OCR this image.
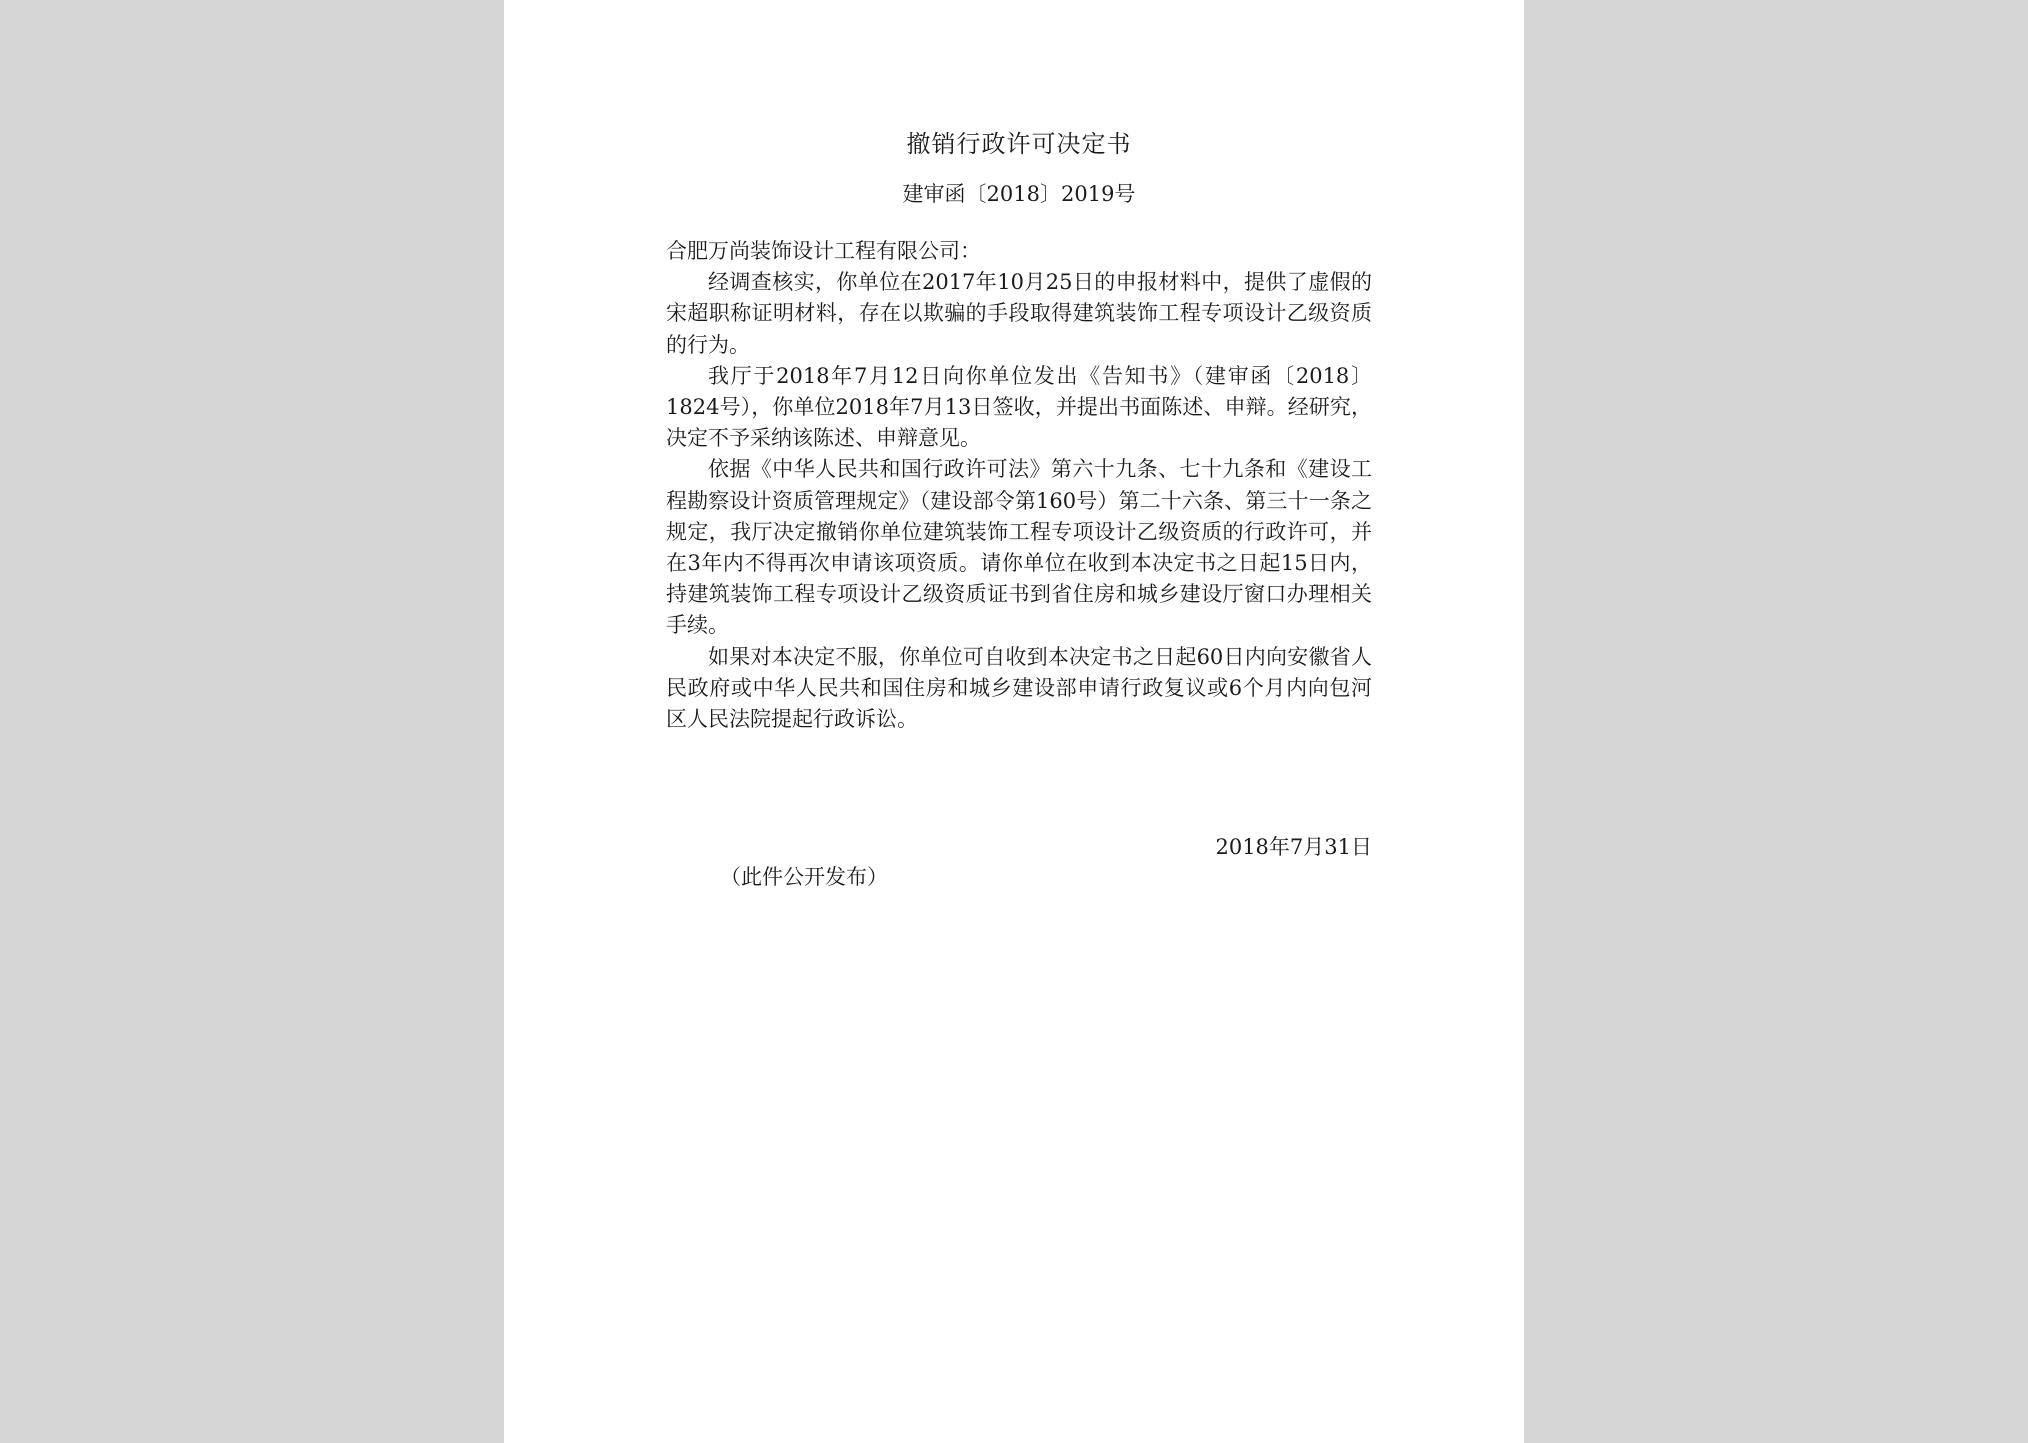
撤销行政许可决定书
建审函〔2018〕2019号

合肥万尚装饰设计工程有限公司：

经调查核实，你单位在2017年10月25日的申报材料中，提供了虚假的宋超职称证明材料，存在以欺骗的手段取得建筑装饰工程专项设计乙级资质的行为。

我厅于2018年7月12日向你单位发出《告知书》（建审函〔2018〕1824号），你单位2018年7月13日签收，并提出书面陈述、申辩。经研究，决定不予采纳该陈述、申辩意见。

依据《中华人民共和国行政许可法》第六十九条、七十九条和《建设工程勘察设计资质管理规定》（建设部令第160号）第二十六条、第三十一条之规定，我厅决定撤销你单位建筑装饰工程专项设计乙级资质的行政许可，并在3年内不得再次申请该项资质。请你单位在收到本决定书之日起15日内，持建筑装饰工程专项设计乙级资质证书到省住房和城乡建设厅窗口办理相关手续。

如果对本决定不服，你单位可自收到本决定书之日起60日内向安徽省人民政府或中华人民共和国住房和城乡建设部申请行政复议或6个月内向包河区人民法院提起行政诉讼。

2018年7月31日
（此件公开发布）
